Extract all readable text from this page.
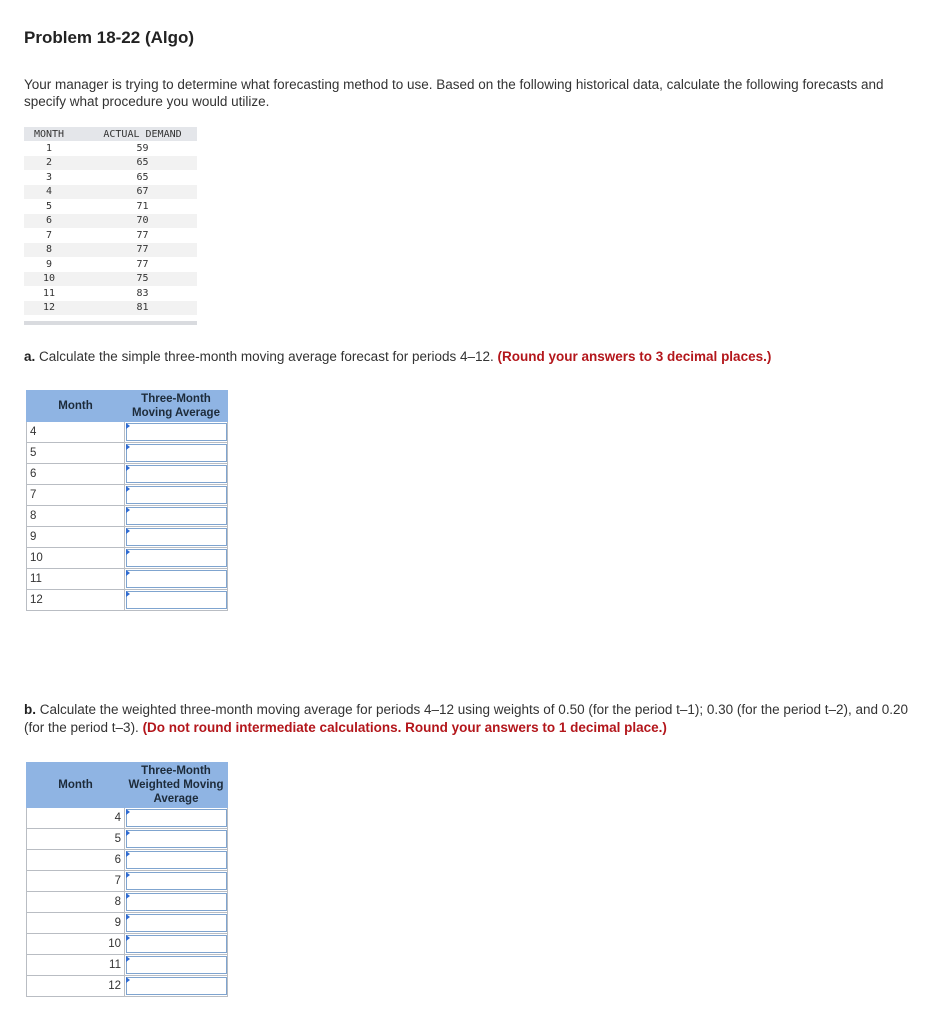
Problem 18-22 (Algo)
Your manager is trying to determine what forecasting method to use. Based on the following historical data, calculate the following forecasts and specify what procedure you would utilize.
MONTH	ACTUAL DEMAND
1	59
2	65
3	65
4	67
5	71
6	70
7	77
8	77
9	77
10	75
11	83
12	81
a. Calculate the simple three-month moving average forecast for periods 4–12. (Round your answers to 3 decimal places.)
Month	Three-Month Moving Average
4	

5	

6	

7	

8	

9	

10	

11	

12	
b. Calculate the weighted three-month moving average for periods 4–12 using weights of 0.50 (for the period t–1); 0.30 (for the period t–2), and 0.20 (for the period t–3). (Do not round intermediate calculations. Round your answers to 1 decimal place.)
Month	Three-Month Weighted Moving Average
4	

5	

6	

7	

8	

9	

10	

11	

12	
